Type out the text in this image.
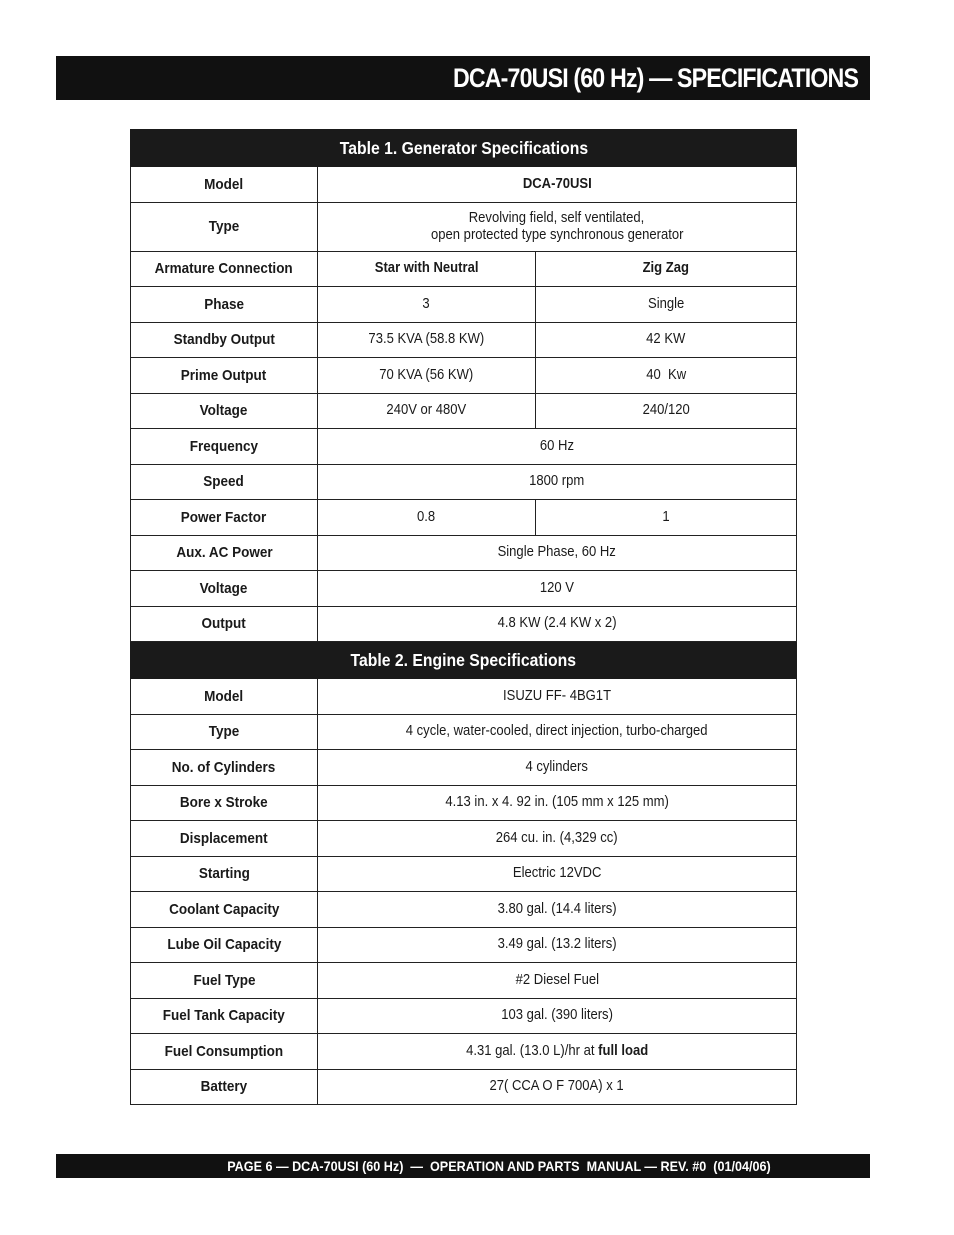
DCA-70USI (60 Hz) — SPECIFICATIONS
Table 1. Generator Specifications		
Model	DCA-70USI	
Type	Revolving field, self ventilated,
open protected type synchronous generator	
Armature Connection	Star with Neutral	Zig Zag
Phase	3	Single
Standby Output	73.5 KVA (58.8 KW)	42 KW
Prime Output	70 KVA (56 KW)	40  Kw
Voltage	240V or 480V	240/120
Frequency	60 Hz	
Speed	1800 rpm	
Power Factor	0.8	1
Aux. AC Power	Single Phase, 60 Hz	
Voltage	120 V	
Output	4.8 KW (2.4 KW x 2)	
Table 2. Engine Specifications		
Model	ISUZU FF- 4BG1T	
Type	4 cycle, water-cooled, direct injection, turbo-charged	
No. of Cylinders	4 cylinders	
Bore x Stroke	4.13 in. x 4. 92 in. (105 mm x 125 mm)	
Displacement	264 cu. in. (4,329 cc)	
Starting	Electric 12VDC	
Coolant Capacity	3.80 gal. (14.4 liters)	
Lube Oil Capacity	3.49 gal. (13.2 liters)	
Fuel Type	#2 Diesel Fuel	
Fuel Tank Capacity	103 gal. (390 liters)	
Fuel Consumption	4.31 gal. (13.0 L)/hr at full load	
Battery	27( CCA O F 700A) x 1	
PAGE 6 — DCA-70USI (60 Hz)  —  OPERATION AND PARTS  MANUAL — REV. #0  (01/04/06)
